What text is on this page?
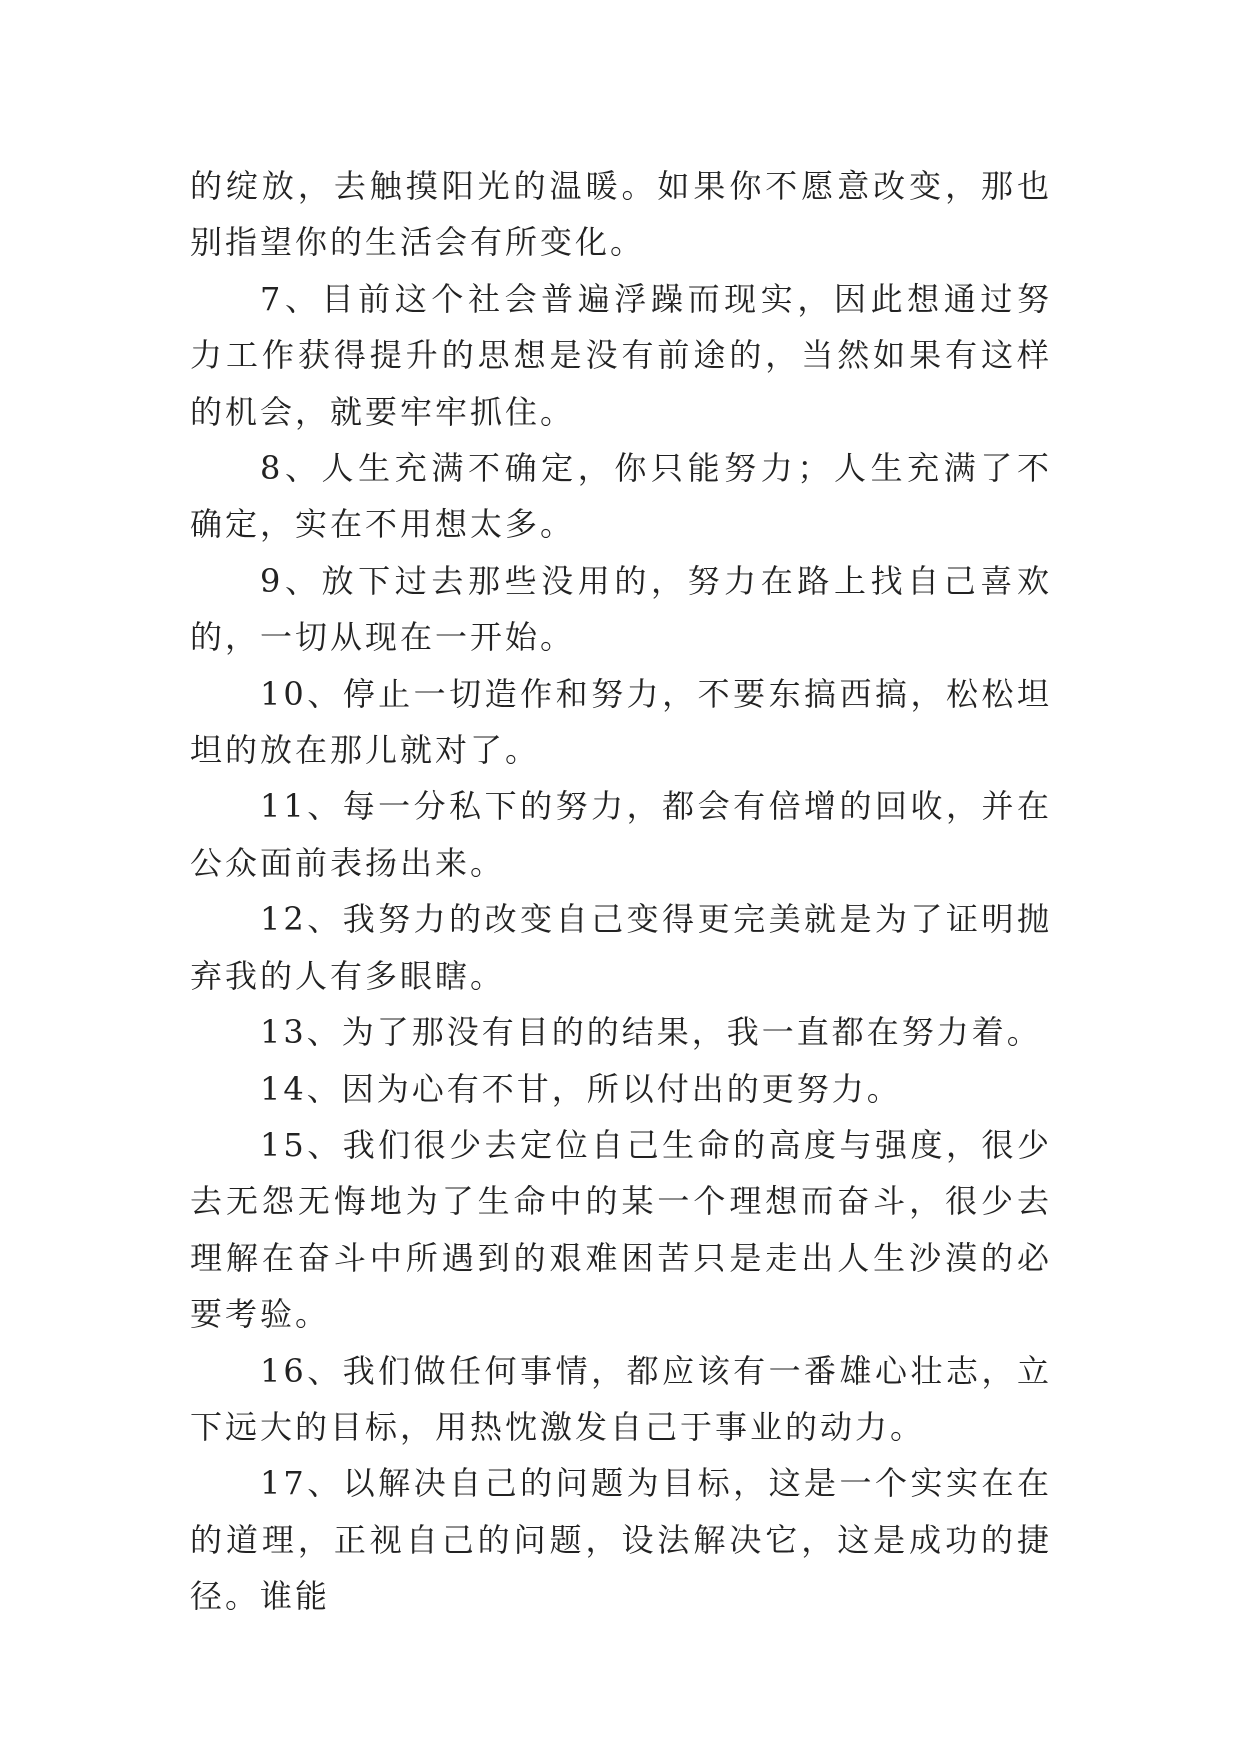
的绽放，去触摸阳光的温暖。如果你不愿意改变，那也别指望你的生活会有所变化。

7、目前这个社会普遍浮躁而现实，因此想通过努力工作获得提升的思想是没有前途的，当然如果有这样的机会，就要牢牢抓住。

8、人生充满不确定，你只能努力；人生充满了不确定，实在不用想太多。

9、放下过去那些没用的，努力在路上找自己喜欢的，一切从现在一开始。

10、停止一切造作和努力，不要东搞西搞，松松坦坦的放在那儿就对了。

11、每一分私下的努力，都会有倍增的回收，并在公众面前表扬出来。

12、我努力的改变自己变得更完美就是为了证明抛弃我的人有多眼瞎。

13、为了那没有目的的结果，我一直都在努力着。

14、因为心有不甘，所以付出的更努力。

15、我们很少去定位自己生命的高度与强度，很少去无怨无悔地为了生命中的某一个理想而奋斗，很少去理解在奋斗中所遇到的艰难困苦只是走出人生沙漠的必要考验。

16、我们做任何事情，都应该有一番雄心壮志，立下远大的目标，用热忱激发自己于事业的动力。

17、以解决自己的问题为目标，这是一个实实在在的道理，正视自己的问题，设法解决它，这是成功的捷径。谁能
